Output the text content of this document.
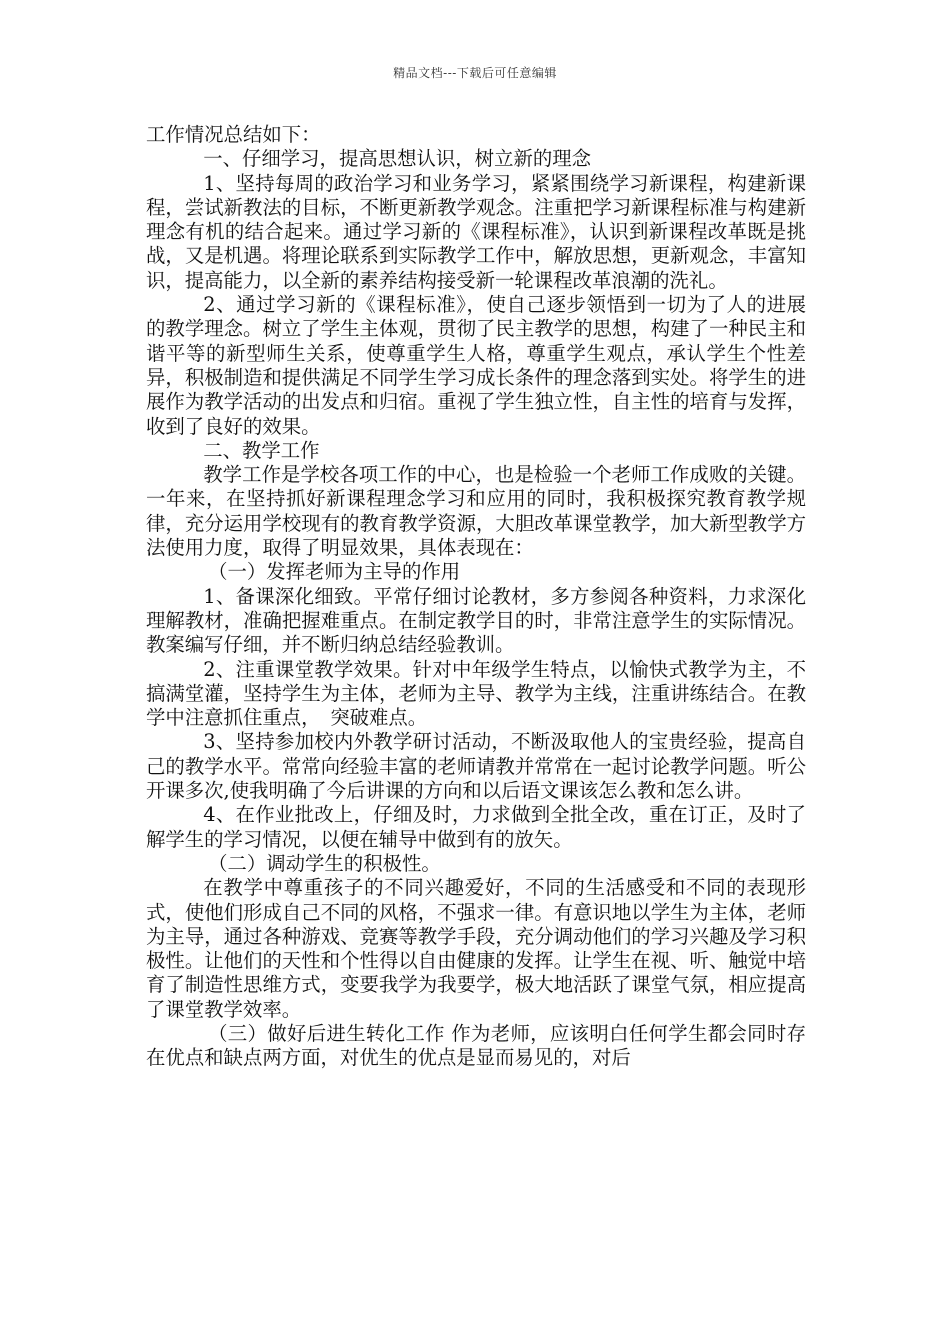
精品文档---下载后可任意编辑

工作情况总结如下：

一、仔细学习，提高思想认识，树立新的理念

1、坚持每周的政治学习和业务学习，紧紧围绕学习新课程，构建新课程，尝试新教法的目标，不断更新教学观念。注重把学习新课程标准与构建新理念有机的结合起来。通过学习新的《课程标准》，认识到新课程改革既是挑战，又是机遇。将理论联系到实际教学工作中，解放思想，更新观念，丰富知识，提高能力，以全新的素养结构接受新一轮课程改革浪潮的洗礼。

2、通过学习新的《课程标准》，使自己逐步领悟到一切为了人的进展的教学理念。树立了学生主体观，贯彻了民主教学的思想，构建了一种民主和谐平等的新型师生关系，使尊重学生人格，尊重学生观点，承认学生个性差异，积极制造和提供满足不同学生学习成长条件的理念落到实处。将学生的进展作为教学活动的出发点和归宿。重视了学生独立性，自主性的培育与发挥，收到了良好的效果。

二、教学工作

教学工作是学校各项工作的中心，也是检验一个老师工作成败的关键。一年来，在坚持抓好新课程理念学习和应用的同时，我积极探究教育教学规律，充分运用学校现有的教育教学资源，大胆改革课堂教学，加大新型教学方法使用力度，取得了明显效果，具体表现在：

（一）发挥老师为主导的作用

1、备课深化细致。平常仔细讨论教材，多方参阅各种资料，力求深化理解教材，准确把握难重点。在制定教学目的时，非常注意学生的实际情况。教案编写仔细，并不断归纳总结经验教训。

2、注重课堂教学效果。针对中年级学生特点，以愉快式教学为主，不搞满堂灌，坚持学生为主体，老师为主导、教学为主线，注重讲练结合。在教学中注意抓住重点，　突破难点。

3、坚持参加校内外教学研讨活动，不断汲取他人的宝贵经验，提高自己的教学水平。常常向经验丰富的老师请教并常常在一起讨论教学问题。听公开课多次,使我明确了今后讲课的方向和以后语文课该怎么教和怎么讲。

4、在作业批改上，仔细及时，力求做到全批全改，重在订正，及时了解学生的学习情况，以便在辅导中做到有的放矢。

（二）调动学生的积极性。

在教学中尊重孩子的不同兴趣爱好，不同的生活感受和不同的表现形式，使他们形成自己不同的风格，不强求一律。有意识地以学生为主体，老师为主导，通过各种游戏、竞赛等教学手段，充分调动他们的学习兴趣及学习积极性。让他们的天性和个性得以自由健康的发挥。让学生在视、听、触觉中培育了制造性思维方式，变要我学为我要学，极大地活跃了课堂气氛，相应提高了课堂教学效率。

（三）做好后进生转化工作 作为老师，应该明白任何学生都会同时存在优点和缺点两方面，对优生的优点是显而易见的，对后
